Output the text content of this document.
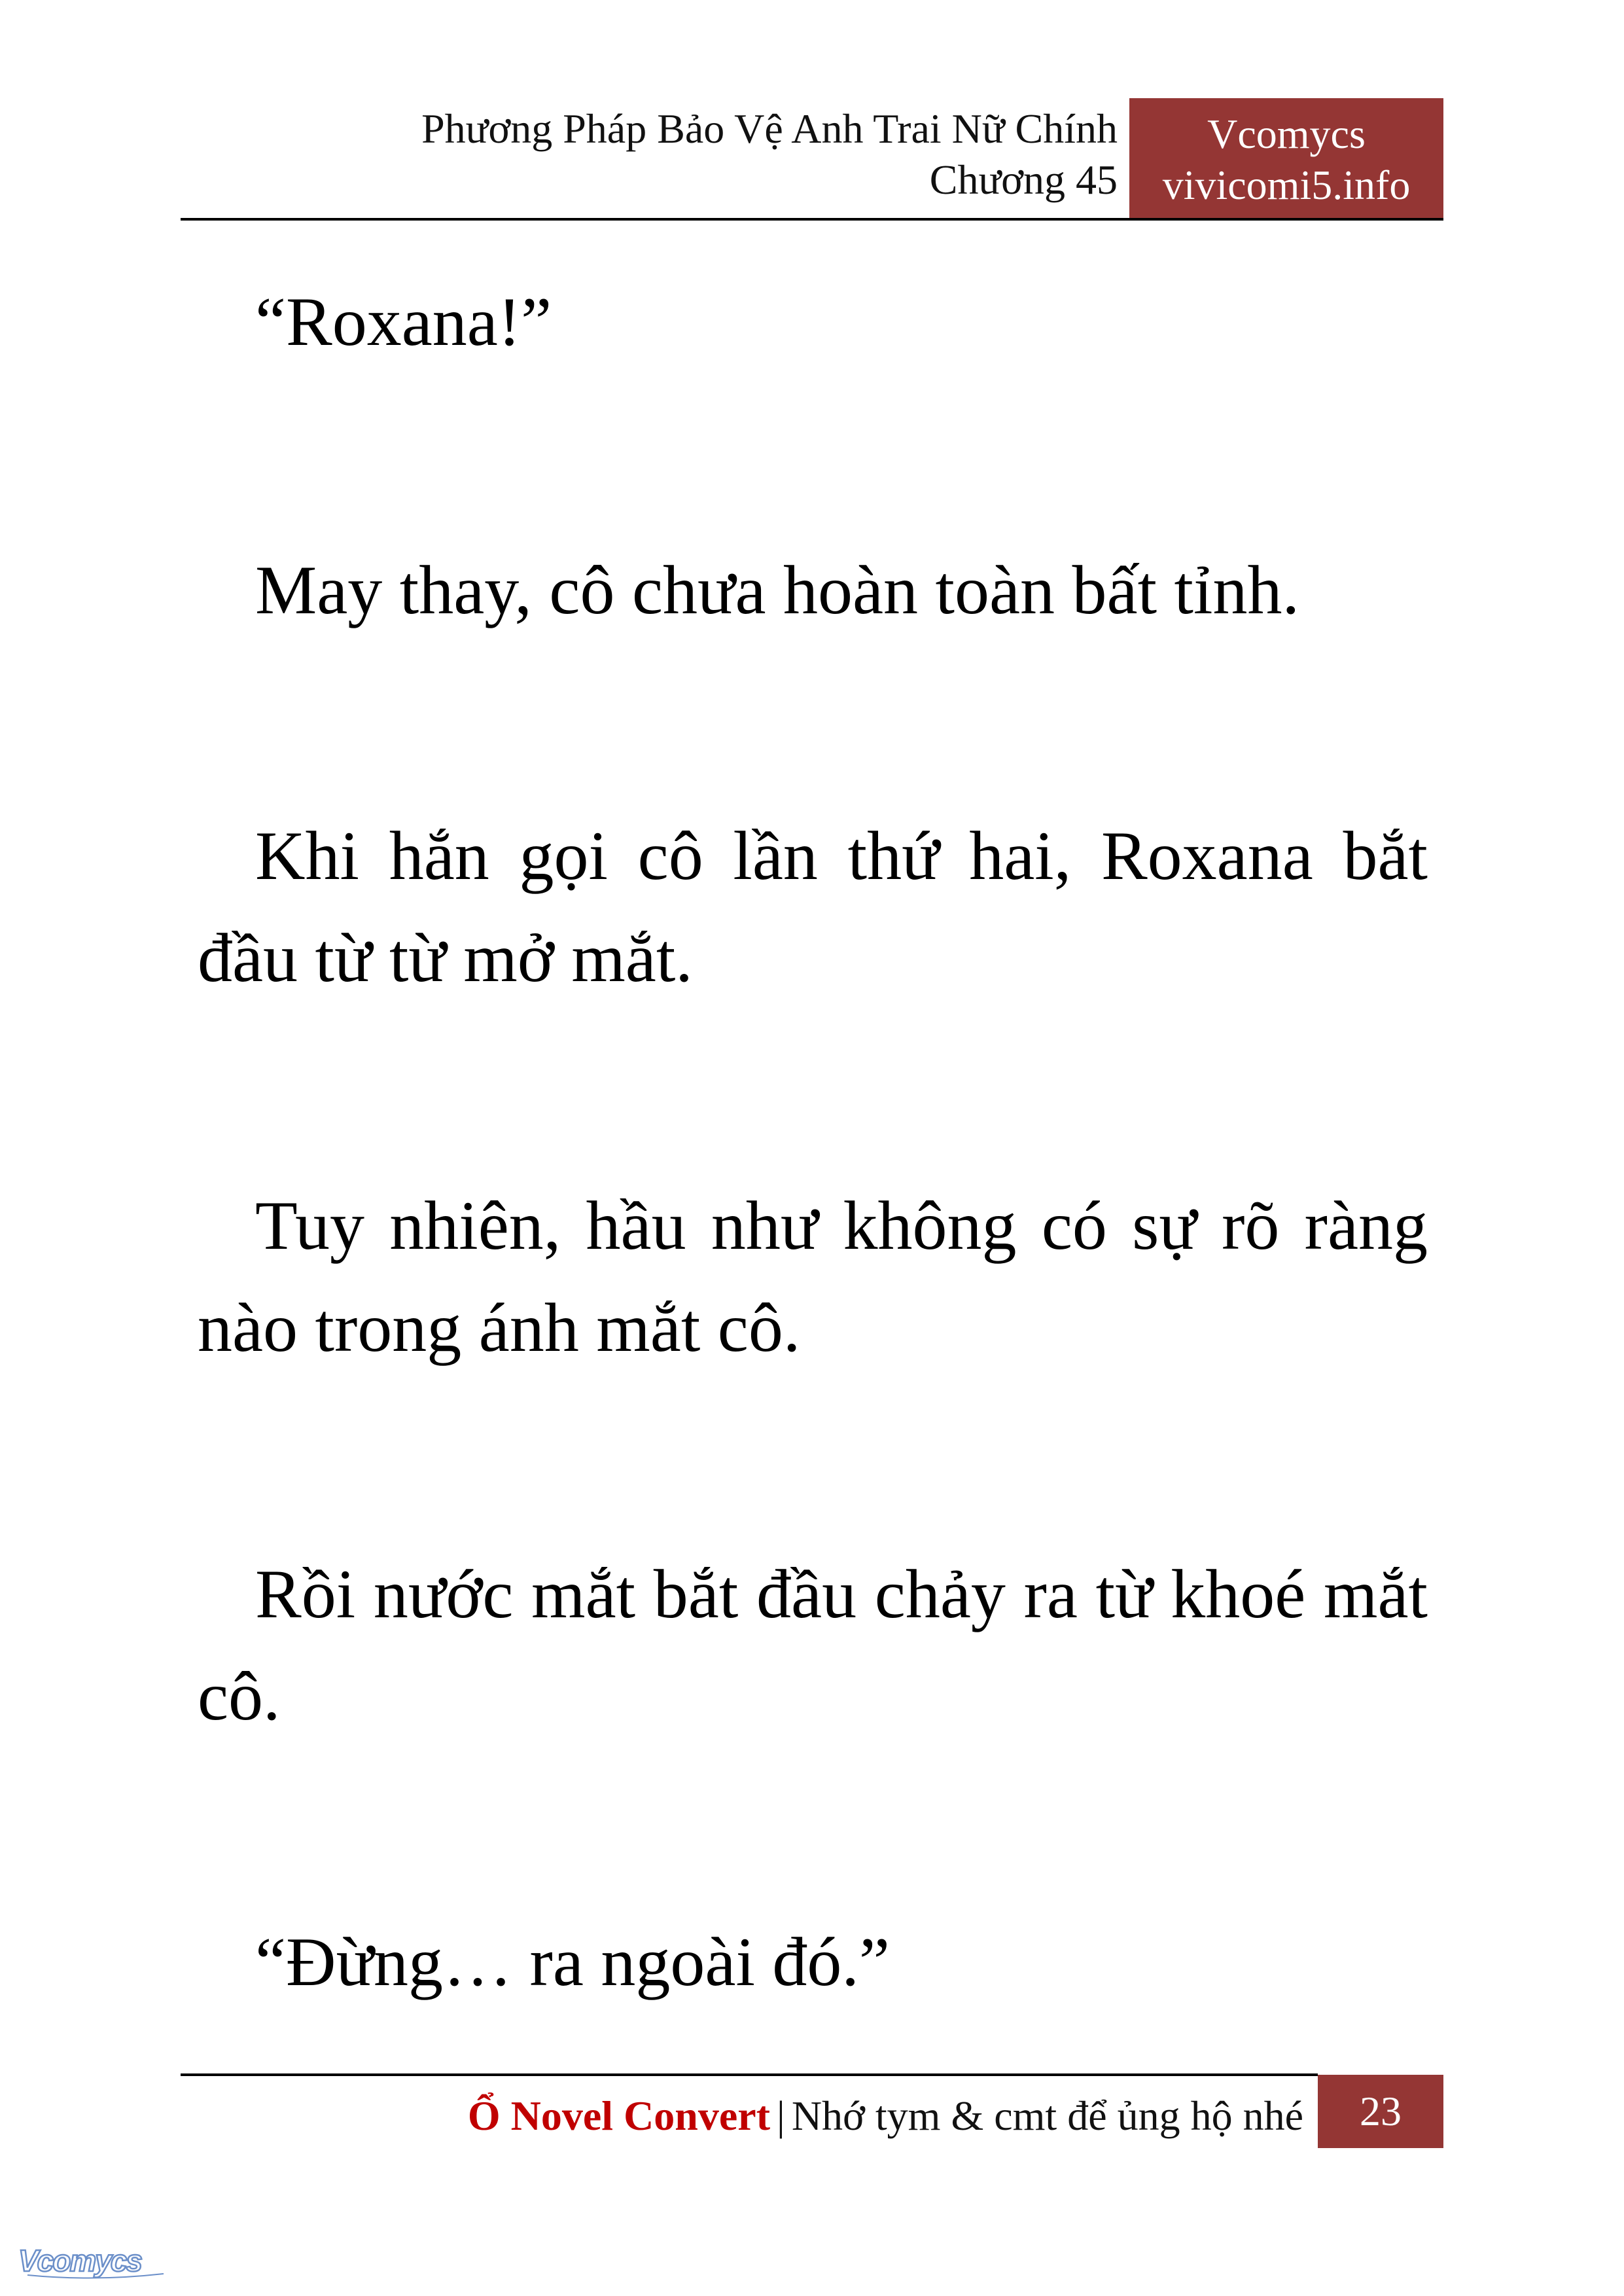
Phương Pháp Bảo Vệ Anh Trai Nữ Chính
Chương 45
Vcomycs
vivicomi5.info

“Roxana!”

May thay, cô chưa hoàn toàn bất tỉnh.

Khi hắn gọi cô lần thứ hai, Roxana bắt đầu từ từ mở mắt.

Tuy nhiên, hầu như không có sự rõ ràng nào trong ánh mắt cô.

Rồi nước mắt bắt đầu chảy ra từ khoé mắt cô.

“Đừng… ra ngoài đó.”

Ổ Novel Convert | Nhớ tym & cmt để ủng hộ nhé	23
Vcomycs
